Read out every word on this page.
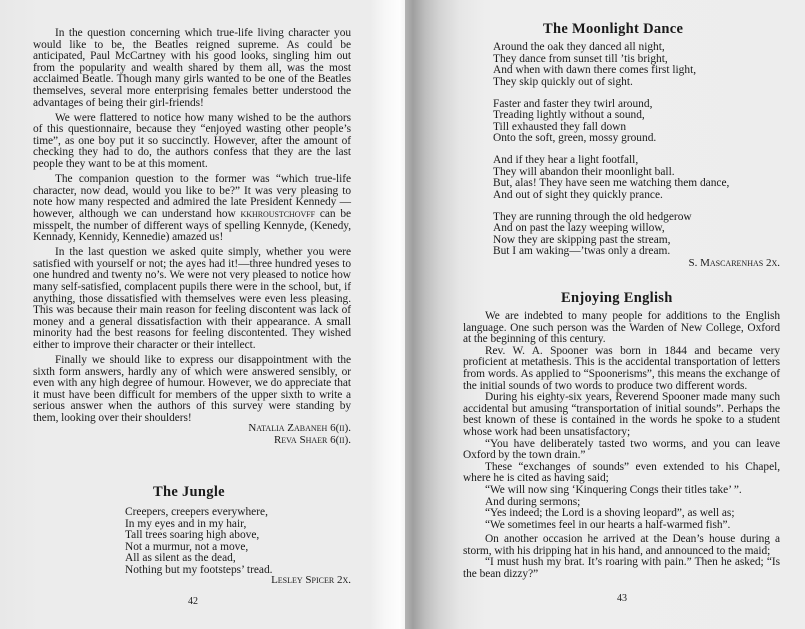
In the question concerning which true-life living character you would like to be, the Beatles reigned supreme. As could be anticipated, Paul McCartney with his good looks, singling him out from the popularity and wealth shared by them all, was the most acclaimed Beatle. Though many girls wanted to be one of the Beatles themselves, several more enterprising females better understood the advantages of being their girl-friends!

We were flattered to notice how many wished to be the authors of this questionnaire, because they “enjoyed wasting other people’s time”, as one boy put it so succinctly. However, after the amount of checking they had to do, the authors confess that they are the last people they want to be at this moment.

The companion question to the former was “which true-life character, now dead, would you like to be?” It was very pleasing to note how many respected and admired the late President Kennedy —however, although we can understand how kkhroustchovff can be misspelt, the number of different ways of spelling Kennyde, (Kenedy, Kennady, Kennidy, Kennedie) amazed us!

In the last question we asked quite simply, whether you were satisfied with yourself or not; the ayes had it!—three hundred yeses to one hundred and twenty no’s. We were not very pleased to notice how many self-satisfied, complacent pupils there were in the school, but, if anything, those dissatisfied with themselves were even less pleasing. This was because their main reason for feeling discontent was lack of money and a general dissatisfaction with their appearance. A small minority had the best reasons for feeling discontented. They wished either to improve their character or their intellect.

Finally we should like to express our disappointment with the sixth form answers, hardly any of which were answered sensibly, or even with any high degree of humour. However, we do appreciate that it must have been difficult for members of the upper sixth to write a serious answer when the authors of this survey were standing by them, looking over their shoulders!

Natalia Zabaneh 6(ii).

Reva Shaer 6(ii).

The Jungle
Creepers, creepers everywhere,
In my eyes and in my hair,
Tall trees soaring high above,
Not a murmur, not a move,
All as silent as the dead,
Nothing but my footsteps’ tread.

Lesley Spicer 2x.

42
The Moonlight Dance
Around the oak they danced all night,
They dance from sunset till ’tis bright,
And when with dawn there comes first light,
They skip quickly out of sight.
Faster and faster they twirl around,
Treading lightly without a sound,
Till exhausted they fall down
Onto the soft, green, mossy ground.
And if they hear a light footfall,
They will abandon their moonlight ball.
But, alas! They have seen me watching them dance,
And out of sight they quickly prance.
They are running through the old hedgerow
And on past the lazy weeping willow,
Now they are skipping past the stream,
But I am waking—’twas only a dream.

S. Mascarenhas 2x.

Enjoying English

We are indebted to many people for additions to the English language. One such person was the Warden of New College, Oxford at the beginning of this century.

Rev. W. A. Spooner was born in 1844 and became very proficient at metathesis. This is the accidental transportation of letters from words. As applied to “Spoonerisms”, this means the exchange of the initial sounds of two words to produce two different words.

During his eighty-six years, Reverend Spooner made many such accidental but amusing “transportation of initial sounds”. Perhaps the best known of these is contained in the words he spoke to a student whose work had been unsatisfactory;

“You have deliberately tasted two worms, and you can leave Oxford by the town drain.”

These “exchanges of sounds” even extended to his Chapel, where he is cited as having said;

“We will now sing ‘Kinquering Congs their titles take’ ”.

And during sermons;

“Yes indeed; the Lord is a shoving leopard”, as well as;

“We sometimes feel in our hearts a half-warmed fish”.

On another occasion he arrived at the Dean’s house during a storm, with his dripping hat in his hand, and announced to the maid;

“I must hush my brat. It’s roaring with pain.” Then he asked; “Is the bean dizzy?”

43
